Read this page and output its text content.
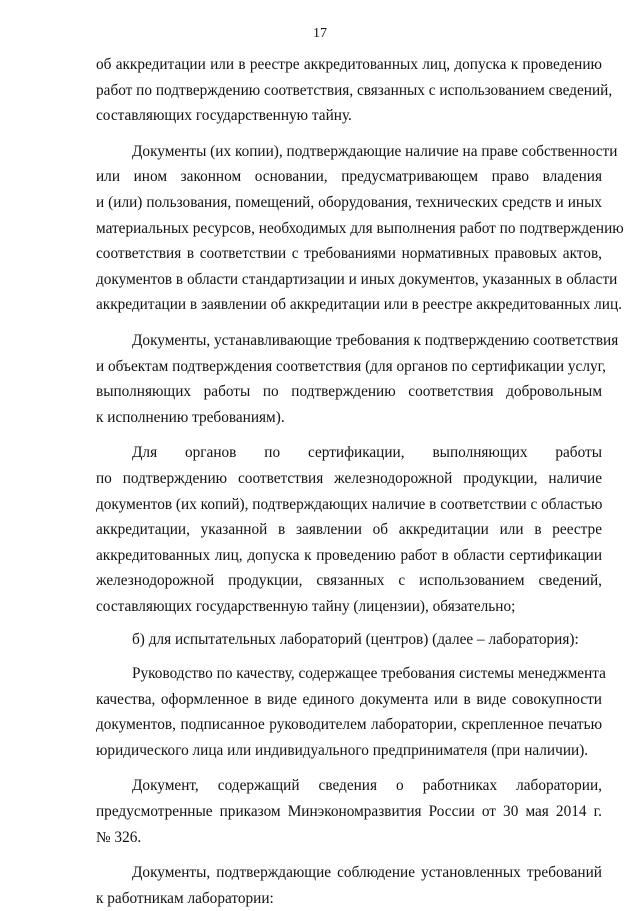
17
об аккредитации или в реестре аккредитованных лиц, допуска к проведению
работ по подтверждению соответствия, связанных с использованием сведений,
составляющих государственную тайну.
Документы (их копии), подтверждающие наличие на праве собственности
или ином законном основании, предусматривающем право владения
и (или) пользования, помещений, оборудования, технических средств и иных
материальных ресурсов, необходимых для выполнения работ по подтверждению
соответствия в соответствии с требованиями нормативных правовых актов,
документов в области стандартизации и иных документов, указанных в области
аккредитации в заявлении об аккредитации или в реестре аккредитованных лиц.
Документы, устанавливающие требования к подтверждению соответствия
и объектам подтверждения соответствия (для органов по сертификации услуг,
выполняющих работы по подтверждению соответствия добровольным
к исполнению требованиям).
Для органов по сертификации, выполняющих работы
по подтверждению соответствия железнодорожной продукции, наличие
документов (их копий), подтверждающих наличие в соответствии с областью
аккредитации, указанной в заявлении об аккредитации или в реестре
аккредитованных лиц, допуска к проведению работ в области сертификации
железнодорожной продукции, связанных с использованием сведений,
составляющих государственную тайну (лицензии), обязательно;
б) для испытательных лабораторий (центров) (далее – лаборатория):
Руководство по качеству, содержащее требования системы менеджмента
качества, оформленное в виде единого документа или в виде совокупности
документов, подписанное руководителем лаборатории, скрепленное печатью
юридического лица или индивидуального предпринимателя (при наличии).
Документ, содержащий сведения о работниках лаборатории,
предусмотренные приказом Минэкономразвития России от 30 мая 2014 г.
№ 326.
Документы, подтверждающие соблюдение установленных требований
к работникам лаборатории:
